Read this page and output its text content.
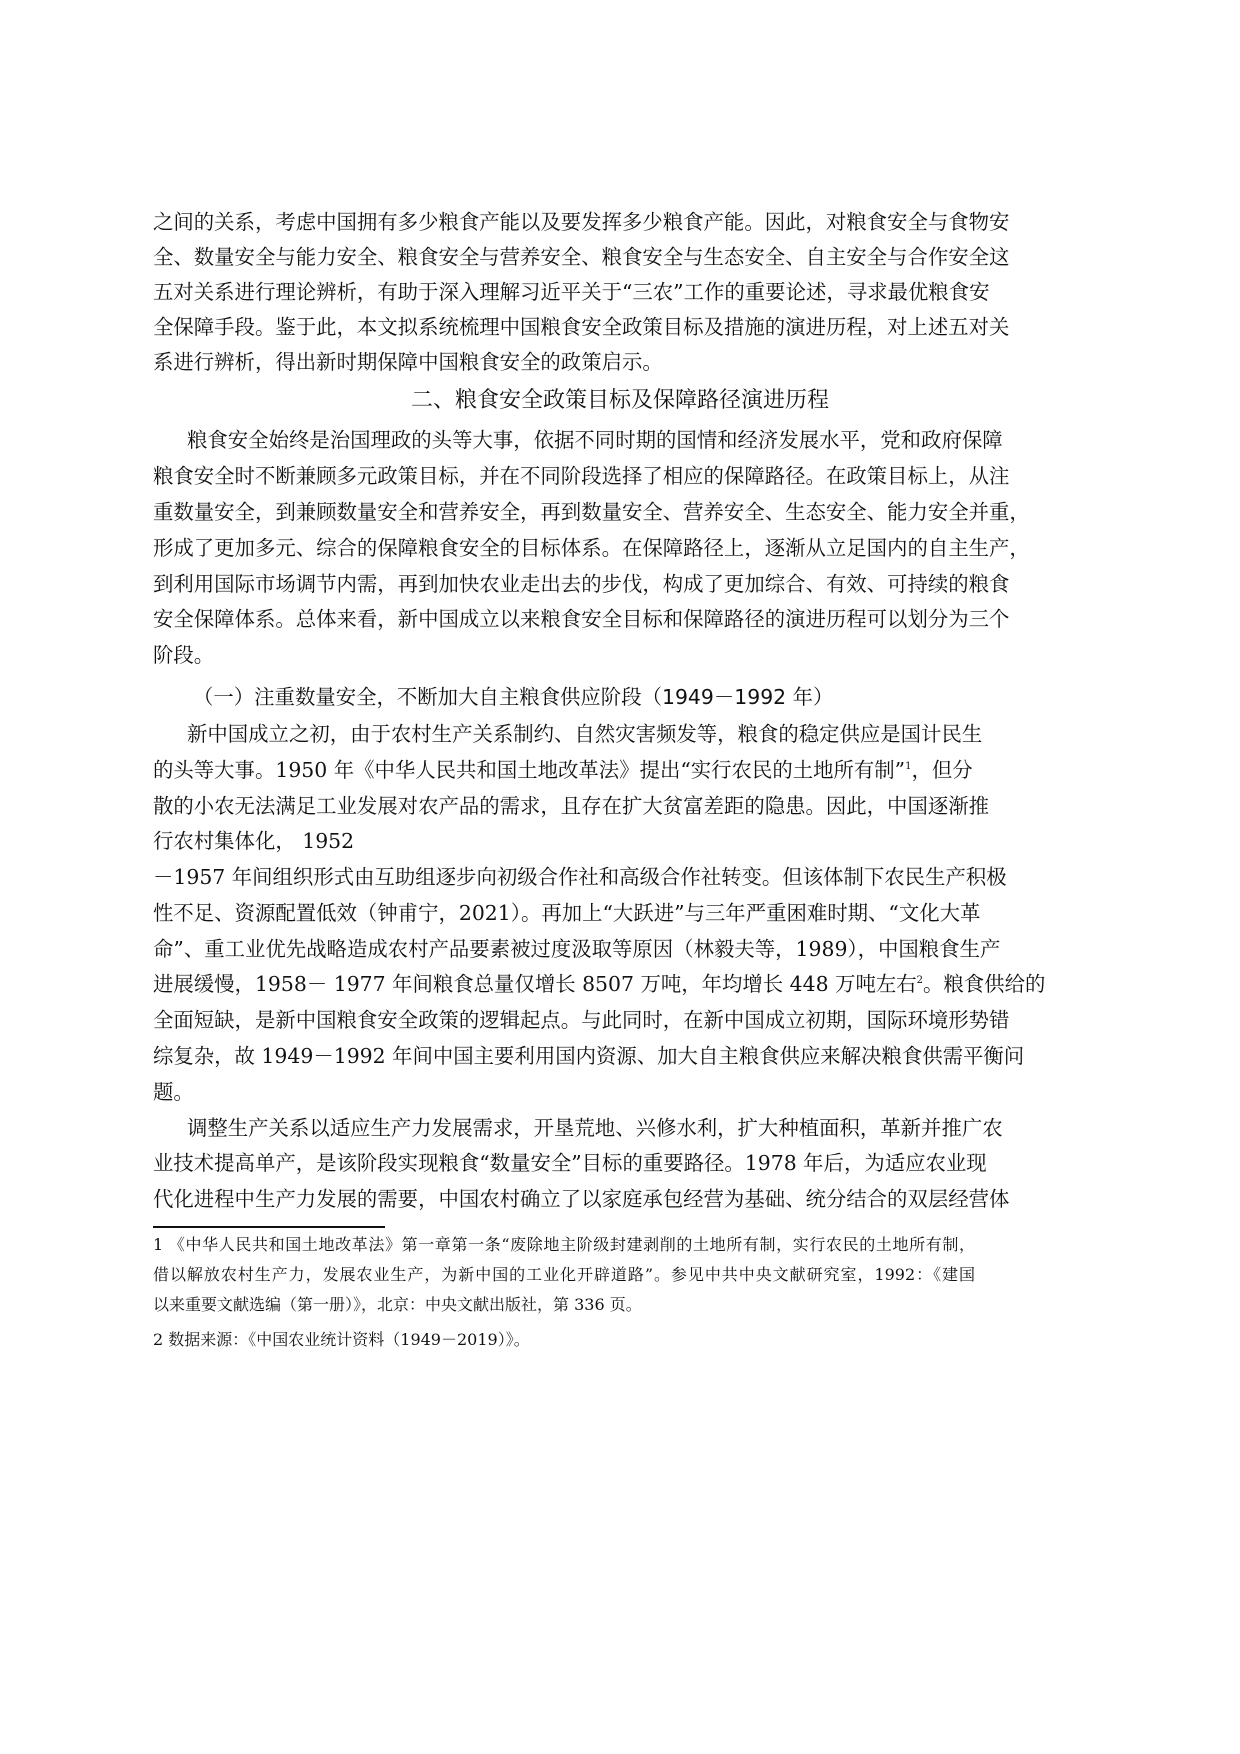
之间的关系，考虑中国拥有多少粮食产能以及要发挥多少粮食产能。因此，对粮食安全与食物安
全、数量安全与能力安全、粮食安全与营养安全、粮食安全与生态安全、自主安全与合作安全这
五对关系进行理论辨析，有助于深入理解习近平关于“三农”工作的重要论述，寻求最优粮食安
全保障手段。鉴于此，本文拟系统梳理中国粮食安全政策目标及措施的演进历程，对上述五对关
系进行辨析，得出新时期保障中国粮食安全的政策启示。
二、粮食安全政策目标及保障路径演进历程
粮食安全始终是治国理政的头等大事，依据不同时期的国情和经济发展水平，党和政府保障
粮食安全时不断兼顾多元政策目标，并在不同阶段选择了相应的保障路径。在政策目标上，从注
重数量安全，到兼顾数量安全和营养安全，再到数量安全、营养安全、生态安全、能力安全并重，
形成了更加多元、综合的保障粮食安全的目标体系。在保障路径上，逐渐从立足国内的自主生产，
到利用国际市场调节内需，再到加快农业走出去的步伐，构成了更加综合、有效、可持续的粮食
安全保障体系。总体来看，新中国成立以来粮食安全目标和保障路径的演进历程可以划分为三个
阶段。
（一）注重数量安全，不断加大自主粮食供应阶段（1949－1992 年）
新中国成立之初，由于农村生产关系制约、自然灾害频发等，粮食的稳定供应是国计民生
的头等大事。1950 年《中华人民共和国土地改革法》提出“实行农民的土地所有制”$^1$，但分
散的小农无法满足工业发展对农产品的需求，且存在扩大贫富差距的隐患。因此，中国逐渐推
行农村集体化， 1952
－1957 年间组织形式由互助组逐步向初级合作社和高级合作社转变。但该体制下农民生产积极
性不足、资源配置低效（钟甫宁，2021）。再加上“大跃进”与三年严重困难时期、“文化大革
命”、重工业优先战略造成农村产品要素被过度汲取等原因（林毅夫等，1989），中国粮食生产
进展缓慢，1958－ 1977 年间粮食总量仅增长 8507 万吨，年均增长 448 万吨左右$^2$。粮食供给的
全面短缺，是新中国粮食安全政策的逻辑起点。与此同时，在新中国成立初期，国际环境形势错
综复杂，故 1949－1992 年间中国主要利用国内资源、加大自主粮食供应来解决粮食供需平衡问
题。
调整生产关系以适应生产力发展需求，开垦荒地、兴修水利，扩大种植面积，革新并推广农
业技术提高单产，是该阶段实现粮食“数量安全”目标的重要路径。1978 年后，为适应农业现
代化进程中生产力发展的需要，中国农村确立了以家庭承包经营为基础、统分结合的双层经营体
1 《中华人民共和国土地改革法》第一章第一条“废除地主阶级封建剥削的土地所有制，实行农民的土地所有制，
借以解放农村生产力，发展农业生产，为新中国的工业化开辟道路”。参见中共中央文献研究室，1992：《建国
以来重要文献选编（第一册）》，北京：中央文献出版社，第 336 页。
2 数据来源：《中国农业统计资料（1949－2019）》。
